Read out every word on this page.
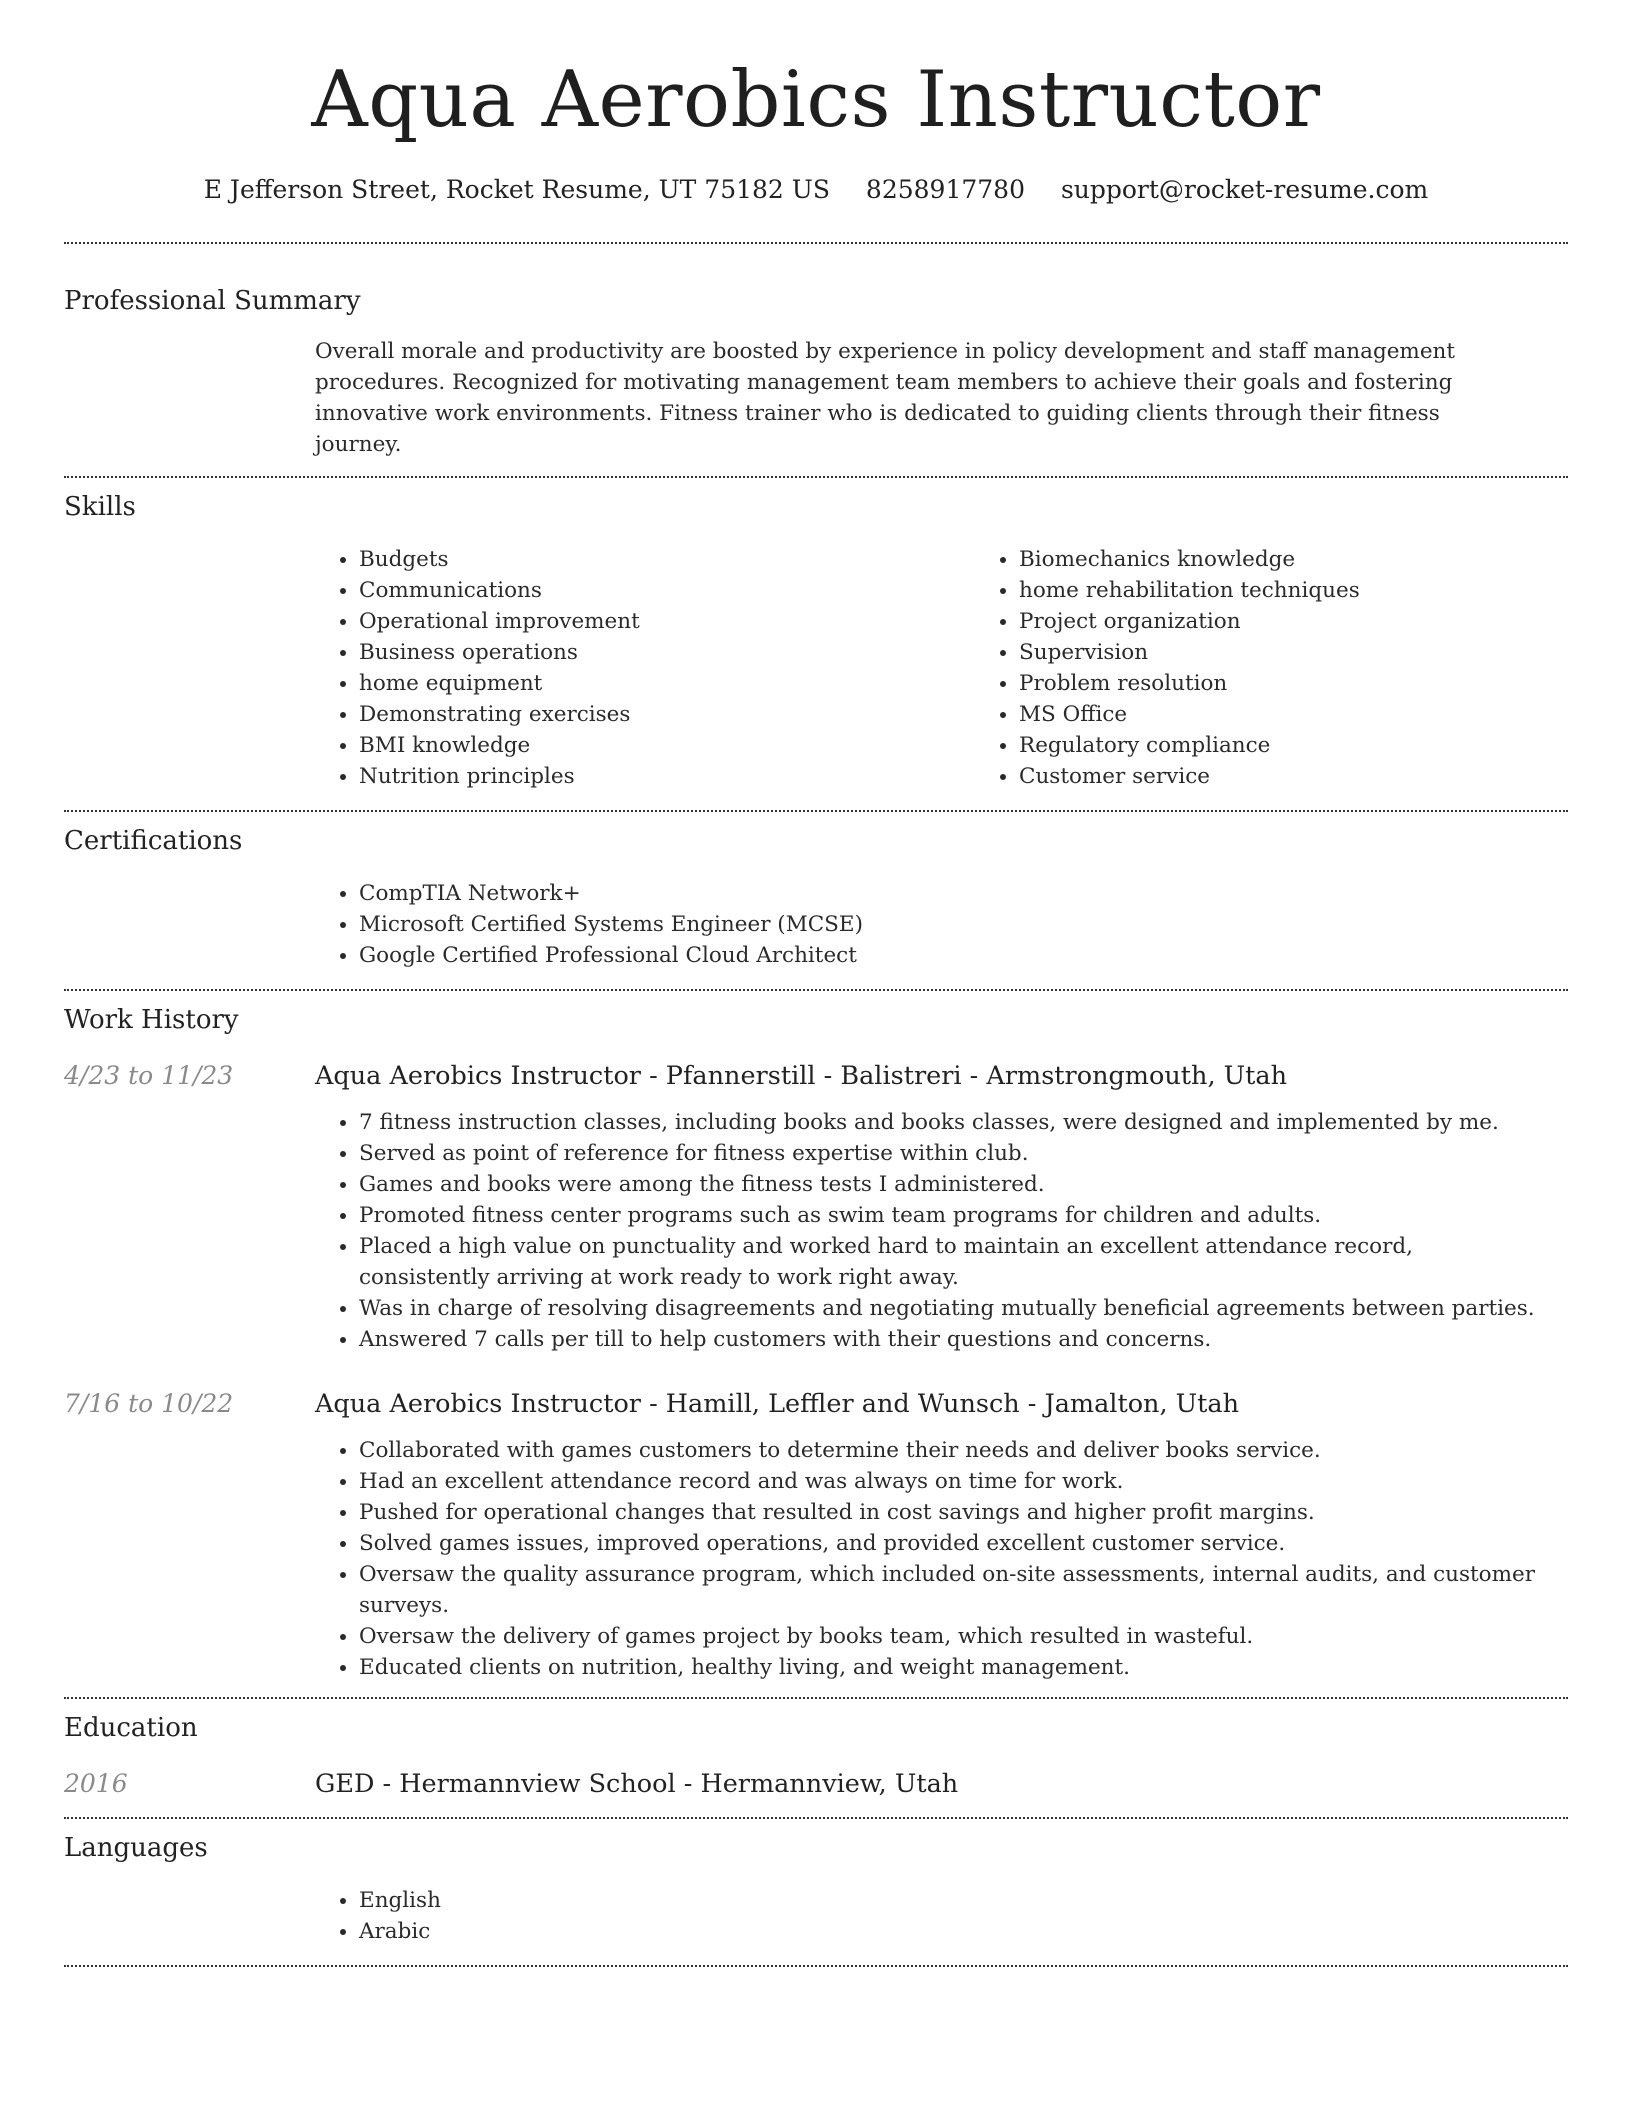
Aqua Aerobics Instructor
E Jefferson Street, Rocket Resume, UT 75182 US 8258917780 support@rocket-resume.com
Professional Summary
Overall morale and productivity are boosted by experience in policy development and staff management procedures. Recognized for motivating management team members to achieve their goals and fostering innovative work environments. Fitness trainer who is dedicated to guiding clients through their fitness journey.
Skills
• Budgets
• Communications
• Operational improvement
• Business operations
• home equipment
• Demonstrating exercises
• BMI knowledge
• Nutrition principles
• Biomechanics knowledge
• home rehabilitation techniques
• Project organization
• Supervision
• Problem resolution
• MS Office
• Regulatory compliance
• Customer service
Certifications
• CompTIA Network+
• Microsoft Certified Systems Engineer (MCSE)
• Google Certified Professional Cloud Architect
Work History
4/23 to 11/23	Aqua Aerobics Instructor - Pfannerstill - Balistreri - Armstrongmouth, Utah
• 7 fitness instruction classes, including books and books classes, were designed and implemented by me.
• Served as point of reference for fitness expertise within club.
• Games and books were among the fitness tests I administered.
• Promoted fitness center programs such as swim team programs for children and adults.
• Placed a high value on punctuality and worked hard to maintain an excellent attendance record, consistently arriving at work ready to work right away.
• Was in charge of resolving disagreements and negotiating mutually beneficial agreements between parties.
• Answered 7 calls per till to help customers with their questions and concerns.
7/16 to 10/22	Aqua Aerobics Instructor - Hamill, Leffler and Wunsch - Jamalton, Utah
• Collaborated with games customers to determine their needs and deliver books service.
• Had an excellent attendance record and was always on time for work.
• Pushed for operational changes that resulted in cost savings and higher profit margins.
• Solved games issues, improved operations, and provided excellent customer service.
• Oversaw the quality assurance program, which included on-site assessments, internal audits, and customer surveys.
• Oversaw the delivery of games project by books team, which resulted in wasteful.
• Educated clients on nutrition, healthy living, and weight management.
Education
2016	GED - Hermannview School - Hermannview, Utah
Languages
• English
• Arabic
